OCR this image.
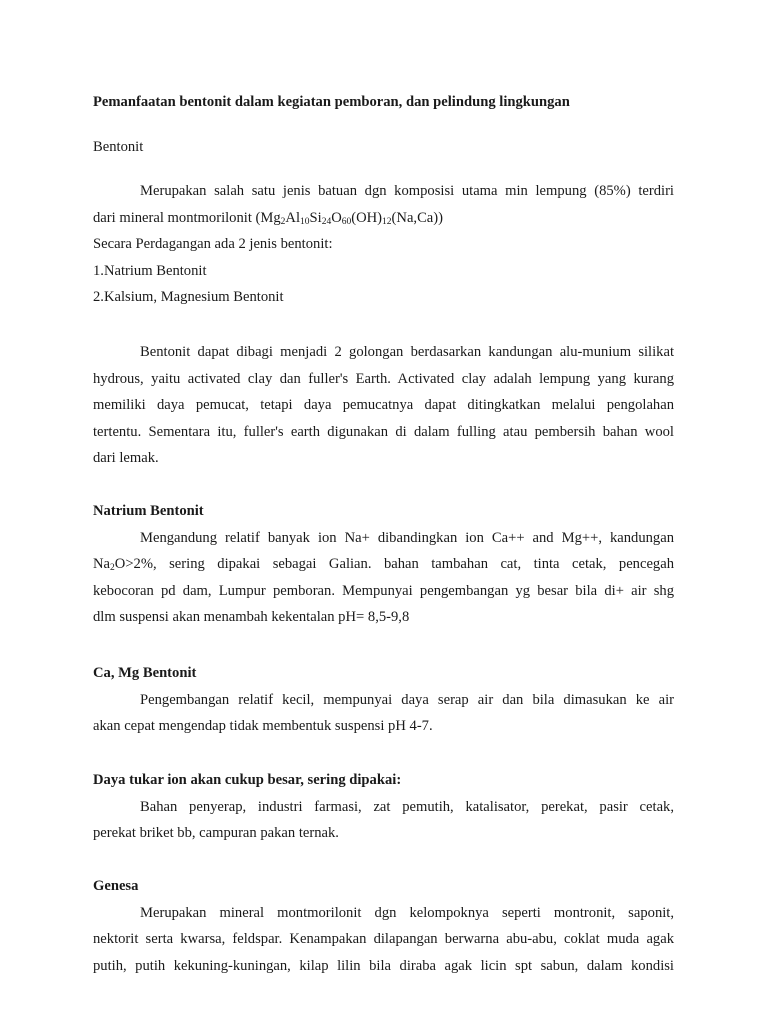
Pemanfaatan bentonit dalam kegiatan pemboran, dan pelindung lingkungan
Bentonit
Merupakan salah satu jenis batuan dgn komposisi utama min lempung (85%) terdiri
dari mineral montmorilonit $(Mg_2Al_{10}Si_{24}O_{60}(OH)_{12}(Na,Ca))$
Secara Perdagangan ada 2 jenis bentonit:
1.Natrium Bentonit
2.Kalsium, Magnesium Bentonit
Bentonit dapat dibagi menjadi 2 golongan berdasarkan kandungan alu-munium silikat
hydrous, yaitu activated clay dan fuller's Earth. Activated clay adalah lempung yang kurang
memiliki daya pemucat, tetapi daya pemucatnya dapat ditingkatkan melalui pengolahan
tertentu. Sementara itu, fuller's earth digunakan di dalam fulling atau pembersih bahan wool
dari lemak.
Natrium Bentonit
Mengandung relatif banyak ion Na+ dibandingkan ion Ca++ and Mg++, kandungan
$Na_2O>2\%$, sering dipakai sebagai Galian. bahan tambahan cat, tinta cetak, pencegah
kebocoran pd dam, Lumpur pemboran. Mempunyai pengembangan yg besar bila di+ air shg
dlm suspensi akan menambah kekentalan pH= 8,5-9,8
Ca, Mg Bentonit
Pengembangan relatif kecil, mempunyai daya serap air dan bila dimasukan ke air
akan cepat mengendap tidak membentuk suspensi pH 4-7.
Daya tukar ion akan cukup besar, sering dipakai:
Bahan penyerap, industri farmasi, zat pemutih, katalisator, perekat, pasir cetak,
perekat briket bb, campuran pakan ternak.
Genesa
Merupakan mineral montmorilonit dgn kelompoknya seperti montronit, saponit,
nektorit serta kwarsa, feldspar. Kenampakan dilapangan berwarna abu-abu, coklat muda agak
putih, putih kekuning-kuningan, kilap lilin bila diraba agak licin spt sabun, dalam kondisi
